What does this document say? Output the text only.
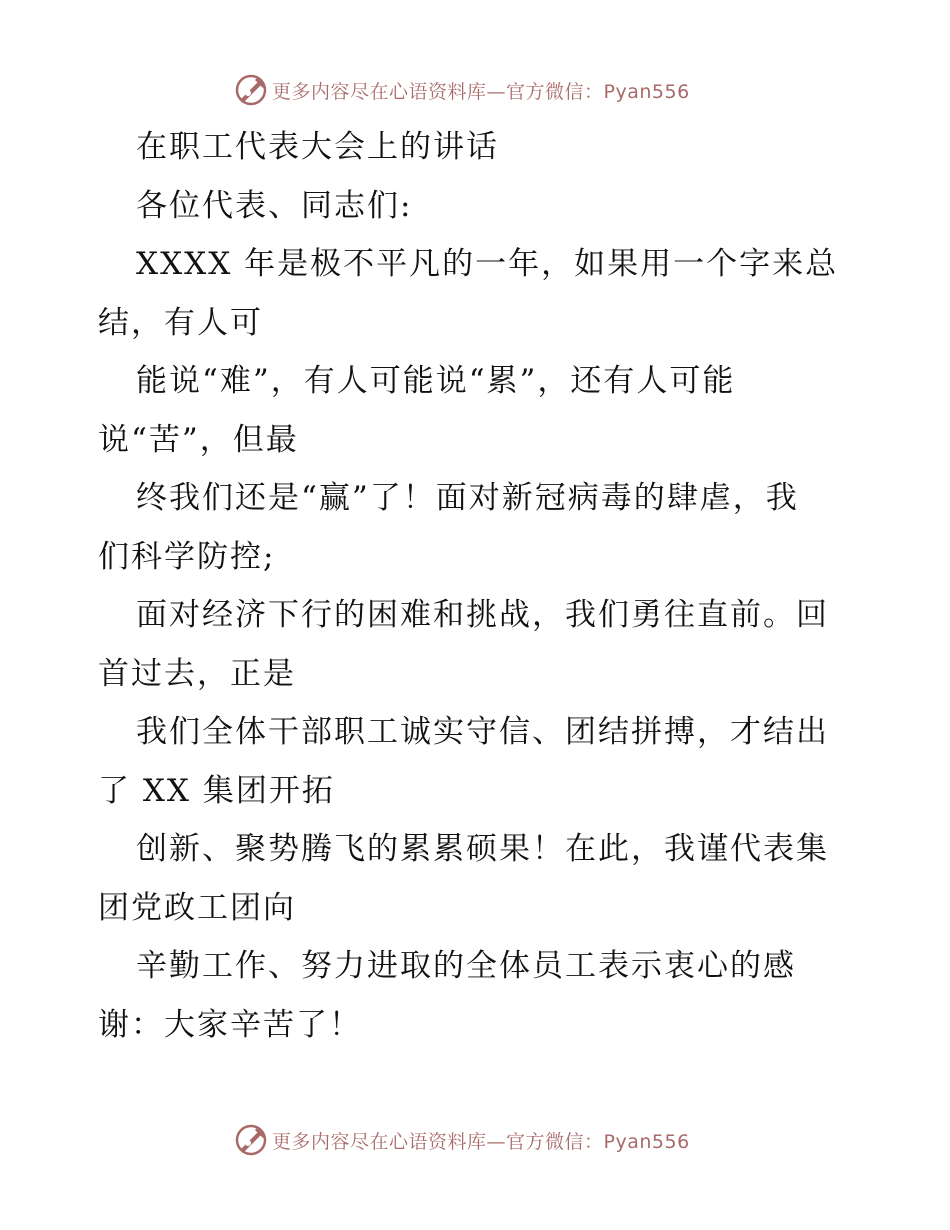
更多内容尽在心语资料库—官方微信：Pyan556
在职工代表大会上的讲话
各位代表、同志们:
XXXX 年是极不平凡的一年，如果用一个字来总
结，有人可
能说“难”，有人可能说“累”，还有人可能
说“苦”，但最
终我们还是“赢”了！面对新冠病毒的肆虐，我
们科学防控;
面对经济下行的困难和挑战，我们勇往直前。回
首过去，正是
我们全体干部职工诚实守信、团结拼搏，才结出
了 XX 集团开拓
创新、聚势腾飞的累累硕果！在此，我谨代表集
团党政工团向
辛勤工作、努力进取的全体员工表示衷心的感
谢：大家辛苦了！
更多内容尽在心语资料库—官方微信：Pyan556
